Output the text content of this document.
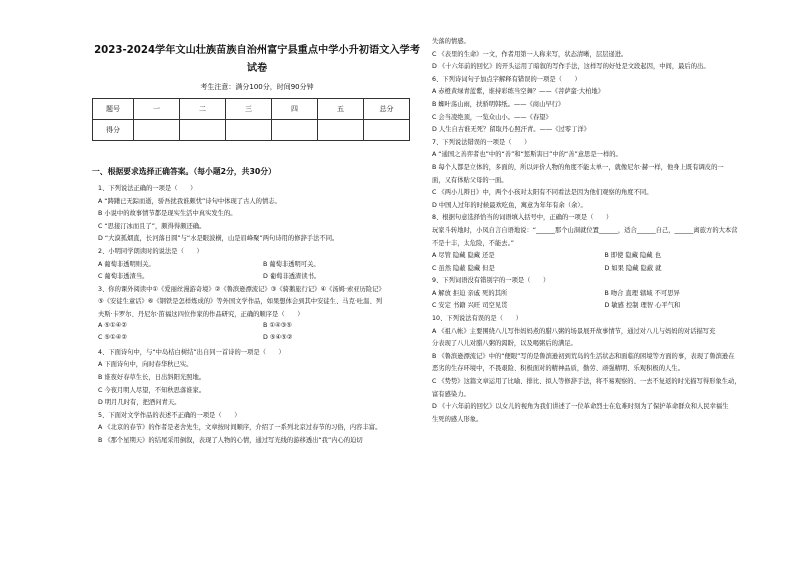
2023-2024学年文山壮族苗族自治州富宁县重点中学小升初语文入学考试卷
考生注意：满分100分，时间90分钟
题号	一	二	三	四	五	总分
得分						
一、根据要求选择正确答案。（每小题2分，共30分）
1、下列说法正确的一项是（　　）
A “踌躇已无踪而逝，骄吾扰我谁颇忧”诗句中体现了古人的情志。
B 小说中的故事情节都是现实生活中真实发生的。
C “思接汀冰而且了”，颇得得颇还确。
D “大漠孤烟直，长河落日圆”与“水是眼波横，山是眉峰聚”两句诗用的修辞手法不同。
2、小明同学朗读时的说法是（　　）
A 葡萄非透明则关。	B 葡萄非透明可关。
C 葡萄非透渣当。	D 葡萄非透渣读书。
3、你的课外阅读中①《爱丽丝漫游奇境》②《鲁滨逊漂流记》③《骑鹅旅行记》④《汤姆·索亚历险记》
⑤《安徒生童话》⑥《钢铁是怎样炼成的》等外国文学作品，如果想体会到其中安徒生、马克·吐温、列
夫斯·卡罗尔、丹尼尔·笛福这四位作家的作品研究，正确的顺序是（　　）
A ⑤①④②	B ①④③⑤
C ⑤①④②	D ⑤④⑤②
4、下面诗句中，与“中岛桔白树结”出自同一首诗的一项是（　　）
A 下面诗句中，向时春华秋已实。
B 谁夜好春草生长，日出斜阳光照地。
C 今夜月明人尽望，不知秋思落谁家。
D 明月几时有，把酒问青天。
5、下面对文学作品的表述不正确的一项是（　　）
A 《北京的春节》的作者是老舍先生，文章按时间顺序，介绍了一系列北京过春节的习俗，内容丰富。
B 《那个星期天》的结尾采用倒叙，表现了人物的心情，通过写光线的游移透出“我”内心的迫切
失落的情感。
C 《表里的生命》一文，作者用第一人称来写，状态清晰，层层递进。
D 《十六年前的回忆》的开头运用了暗叙的写作手法，这样写的好处是文段起因，中间，最后的出。
6、下列诗词句子加点字解释有错误的一项是（　　）
A 赤橙黄绿青蓝紫，谁持彩练当空舞？——《菩萨蛮·大柏地》
B 蜘叶荡山雨，扶骄明韩纸。——《商山早行》
C 会当凌绝顶，一览众山小。——《春望》
D 人生自古谁无死？留取丹心照汗青。——《过零丁洋》
7、下列说法错误的一项是（　　）
A “通国之善弈者也”中的“善”和“惩斯害曰”中的“善”意思是一样的。
B 每个人都是立体的，多面的，所以评价人物的角度不能太单一，就像尼尔·赫一样，他身上既有调皮的一
面，又有体贴父母的一面。
C 《两小儿辩日》中，两个小孩对太阳有不同看法是因为他们观察的角度不同。
D 中国人过年的时候最欢吃鱼，寓意为年年有余（余）。
8、根据句意选择恰当的词语填入括号中，正确的一项是（　　）
玩家斗转地时，小凤自言自语地说：“______那个山洞就位置______，适合______自己，______离旅方的大本营
不是十丰，太危险，不能去。”
A 尽管 隐藏 隐藏 还是	B 即使 隐藏 隐藏 也
C 虽然 隐蔽 隐藏 但是	D 如果 隐藏 隐蔽 就
9、下列词语没有错别字的一项是（　　）
A 解放 拒迫 亲戚 死的其所	B 吻合 直理 辖域 不可思异
C 安定 书籍 兴旺 司空见贯	D 敏感 控制 理智 心平气和
10、下列说法有误的是（　　）
A 《祖八帐》主要围绕八儿写作妈妈煮的腊八粥的场景展开故事情节，通过对八儿与妈妈的对话描写充
分表现了八儿对腊八粥的渴盼，以及喝粥后的满足。
B 《鲁滨逊漂流记》中的“便眼”写的是鲁滨逊初到荒岛的生活状态和面临的困境等方面的事，表现了鲁滨逊在
恶劣的生存环境中，不畏艰险、积极面对的精神品质，勤劳、顽强精明、乐观积极的人生。
C 《势势》这篇文章运用了比喻、排比、拟人等修辞手法，将不易观察的、一去不复返的时光描写得形象生动，
富有感染力。
D 《十六年前的回忆》以女儿的视角为我们讲述了一位革命烈士在危难时刻为了保护革命群众和人民幸福生
生死的感人形象。
